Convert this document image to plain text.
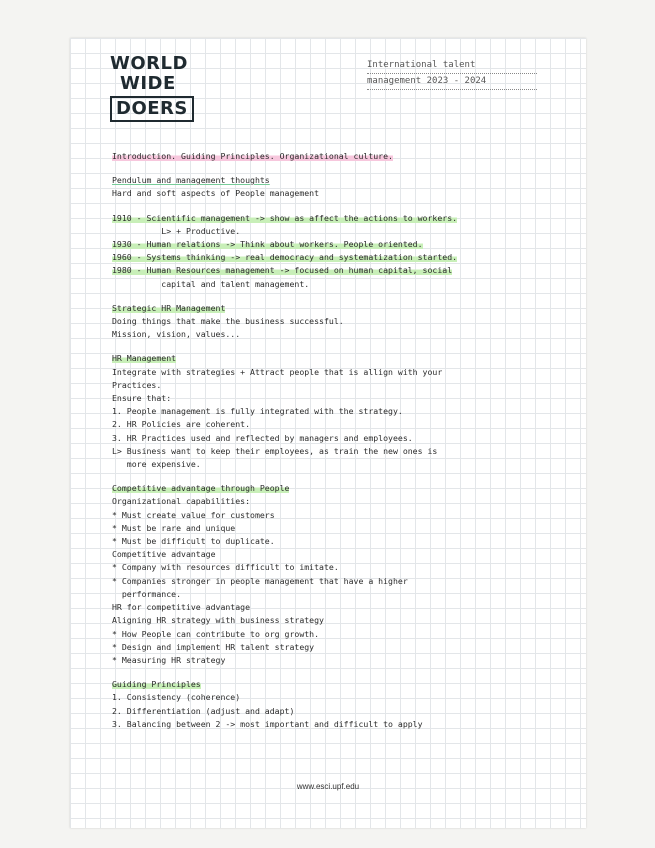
WORLD
WIDE
DOERS
International talent
management 2023 - 2024
Introduction. Guiding Principles. Organizational culture.
Pendulum and management thoughts
Hard and soft aspects of People management
1910 - Scientific management -> show as affect the actions to workers.
L> + Productive.
1930 - Human relations -> Think about workers. People oriented.
1960 - Systems thinking -> real democracy and systematization started.
1980 - Human Resources management -> focused on human capital, social
capital and talent management.
Strategic HR Management
Doing things that make the business successful.
Mission, vision, values...
HR Management
Integrate with strategies + Attract people that is allign with your
Practices.
Ensure that:
1. People management is fully integrated with the strategy.
2. HR Policies are coherent.
3. HR Practices used and reflected by managers and employees.
L> Business want to keep their employees, as train the new ones is
more expensive.
Competitive advantage through People
Organizational capabilities:
* Must create value for customers
* Must be rare and unique
* Must be difficult to duplicate.
Competitive advantage
* Company with resources difficult to imitate.
* Companies stronger in people management that have a higher
performance.
HR for competitive advantage
Aligning HR strategy with business strategy
* How People can contribute to org growth.
* Design and implement HR talent strategy
* Measuring HR strategy
Guiding Principles
1. Consistency (coherence)
2. Differentiation (adjust and adapt)
3. Balancing between 2 -> most important and difficult to apply
www.esci.upf.edu
